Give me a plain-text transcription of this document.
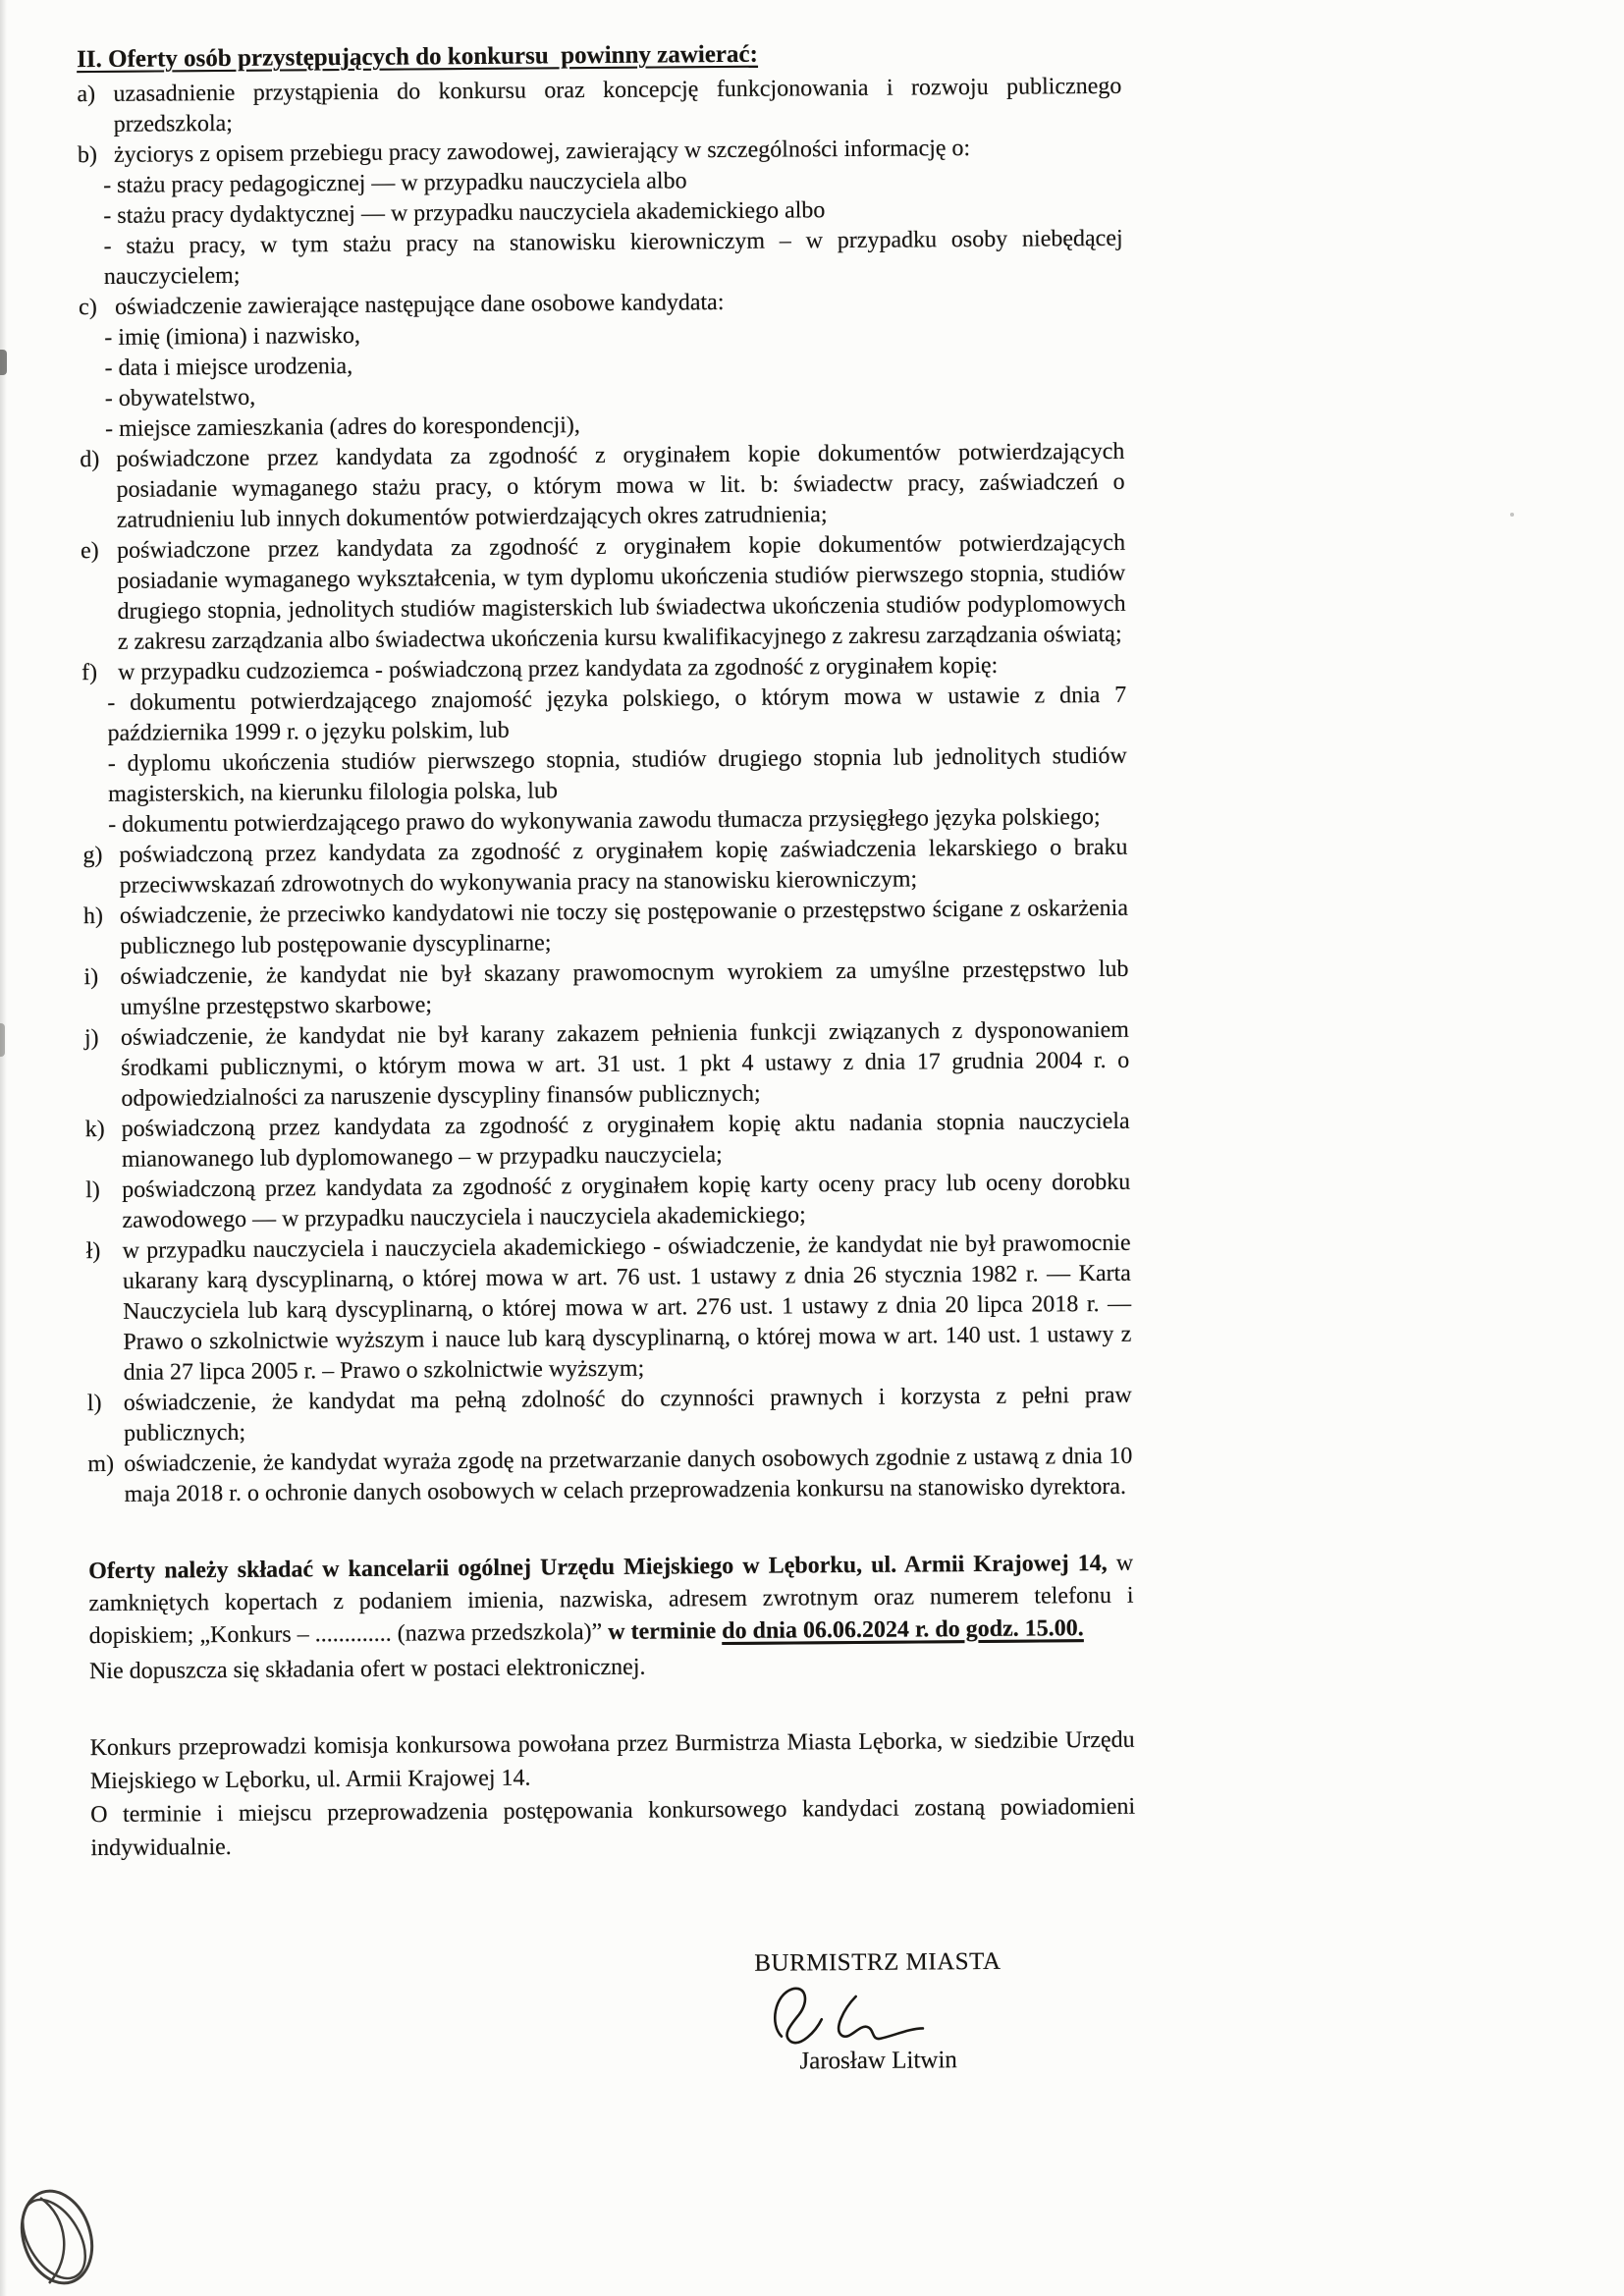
II. Oferty osób przystępujących do konkursu  powinny zawierać:
a) uzasadnienie przystąpienia do konkursu oraz koncepcję funkcjonowania i rozwoju publicznego przedszkola;
b) życiorys z opisem przebiegu pracy zawodowej, zawierający w szczególności informację o:
- stażu pracy pedagogicznej — w przypadku nauczyciela albo
- stażu pracy dydaktycznej — w przypadku nauczyciela akademickiego albo
- stażu pracy, w tym stażu pracy na stanowisku kierowniczym – w przypadku osoby niebędącej nauczycielem;
c) oświadczenie zawierające następujące dane osobowe kandydata:
- imię (imiona) i nazwisko,
- data i miejsce urodzenia,
- obywatelstwo,
- miejsce zamieszkania (adres do korespondencji),
d) poświadczone przez kandydata za zgodność z oryginałem kopie dokumentów potwierdzających posiadanie wymaganego stażu pracy, o którym mowa w lit. b: świadectw pracy, zaświadczeń o zatrudnieniu lub innych dokumentów potwierdzających okres zatrudnienia;
e) poświadczone przez kandydata za zgodność z oryginałem kopie dokumentów potwierdzających posiadanie wymaganego wykształcenia, w tym dyplomu ukończenia studiów pierwszego stopnia, studiów drugiego stopnia, jednolitych studiów magisterskich lub świadectwa ukończenia studiów podyplomowych z zakresu zarządzania albo świadectwa ukończenia kursu kwalifikacyjnego z zakresu zarządzania oświatą;
f) w przypadku cudzoziemca - poświadczoną przez kandydata za zgodność z oryginałem kopię:
- dokumentu potwierdzającego znajomość języka polskiego, o którym mowa w ustawie z dnia 7 października 1999 r. o języku polskim, lub
- dyplomu ukończenia studiów pierwszego stopnia, studiów drugiego stopnia lub jednolitych studiów magisterskich, na kierunku filologia polska, lub
- dokumentu potwierdzającego prawo do wykonywania zawodu tłumacza przysięgłego języka polskiego;
g) poświadczoną przez kandydata za zgodność z oryginałem kopię zaświadczenia lekarskiego o braku przeciwwskazań zdrowotnych do wykonywania pracy na stanowisku kierowniczym;
h) oświadczenie, że przeciwko kandydatowi nie toczy się postępowanie o przestępstwo ścigane z oskarżenia publicznego lub postępowanie dyscyplinarne;
i) oświadczenie, że kandydat nie był skazany prawomocnym wyrokiem za umyślne przestępstwo lub umyślne przestępstwo skarbowe;
j) oświadczenie, że kandydat nie był karany zakazem pełnienia funkcji związanych z dysponowaniem środkami publicznymi, o którym mowa w art. 31 ust. 1 pkt 4 ustawy z dnia 17 grudnia 2004 r. o odpowiedzialności za naruszenie dyscypliny finansów publicznych;
k) poświadczoną przez kandydata za zgodność z oryginałem kopię aktu nadania stopnia nauczyciela mianowanego lub dyplomowanego – w przypadku nauczyciela;
l) poświadczoną przez kandydata za zgodność z oryginałem kopię karty oceny pracy lub oceny dorobku zawodowego — w przypadku nauczyciela i nauczyciela akademickiego;
ł) w przypadku nauczyciela i nauczyciela akademickiego - oświadczenie, że kandydat nie był prawomocnie ukarany karą dyscyplinarną, o której mowa w art. 76 ust. 1 ustawy z dnia 26 stycznia 1982 r. — Karta Nauczyciela lub karą dyscyplinarną, o której mowa w art. 276 ust. 1 ustawy z dnia 20 lipca 2018 r. — Prawo o szkolnictwie wyższym i nauce lub karą dyscyplinarną, o której mowa w art. 140 ust. 1 ustawy z dnia 27 lipca 2005 r. – Prawo o szkolnictwie wyższym;
l) oświadczenie, że kandydat ma pełną zdolność do czynności prawnych i korzysta z pełni praw publicznych;
m) oświadczenie, że kandydat wyraża zgodę na przetwarzanie danych osobowych zgodnie z ustawą z dnia 10 maja 2018 r. o ochronie danych osobowych w celach przeprowadzenia konkursu na stanowisko dyrektora.

Oferty należy składać w kancelarii ogólnej Urzędu Miejskiego w Lęborku, ul. Armii Krajowej 14, w zamkniętych kopertach z podaniem imienia, nazwiska, adresem zwrotnym oraz numerem telefonu i dopiskiem; „Konkurs – ............. (nazwa przedszkola)” w terminie do dnia 06.06.2024 r. do godz. 15.00.

Nie dopuszcza się składania ofert w postaci elektronicznej.

Konkurs przeprowadzi komisja konkursowa powołana przez Burmistrza Miasta Lęborka, w siedzibie Urzędu Miejskiego w Lęborku, ul. Armii Krajowej 14.

O terminie i miejscu przeprowadzenia postępowania konkursowego kandydaci zostaną powiadomieni indywidualnie.

BURMISTRZ MIASTA
Jarosław Litwin
